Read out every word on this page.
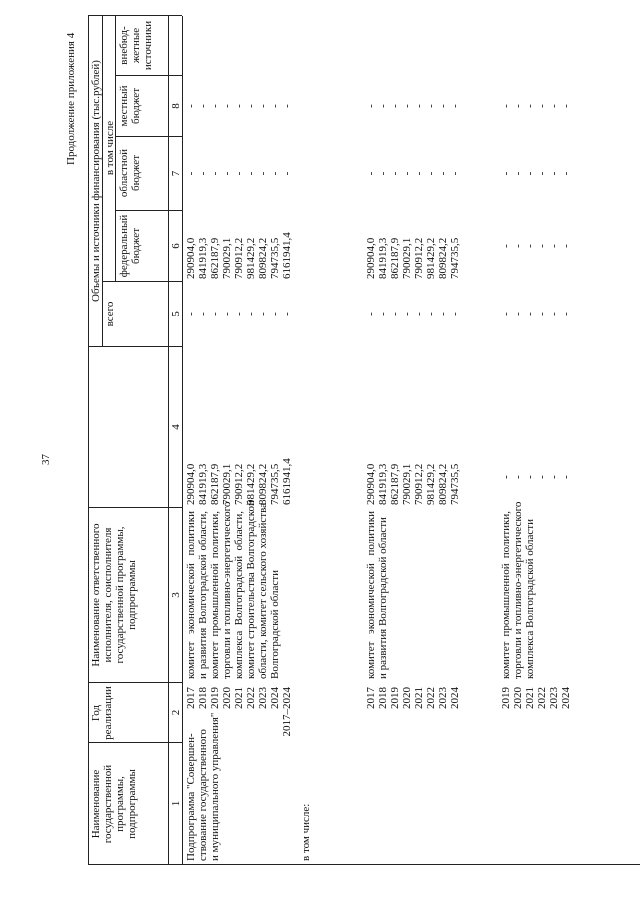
37
Продолжение приложения 4
Наименование государственной программы, подпрограммы
Год реализации
Наименование ответственного исполнителя, соисполнителя государственной программы, подпрограммы
Объемы и источники финансирования (тыс.рублей)
всего
в том числе
федеральный бюджет
областной бюджет
местный бюджет
внебюд-жетные источники
1
2
3
4
5
6
7
8
Подпрограмма "Совершен- ствование государственного и муниципального управления"
2017 2018 2019 2020 2021 2022 2023 2024 2017–2024
комитет экономической политики и развития Волгоградской области, комитет промышленной политики, торговли и топливно-энергетического комплекса Волгоградской области, комитет строительства Волгоградской области, комитет сельского хозяйства Волгоградской области
290904,0 841919,3 862187,9 790029,1 790912,2 981429,2 809824,2 794735,5 6161941,4
- - - - - - - - -
290904,0 841919,3 862187,9 790029,1 790912,2 981429,2 809824,2 794735,5 6161941,4
- - - - - - - - -
- - - - - - - - -
в том числе:
2017 2018 2019 2020 2021 2022 2023 2024
комитет экономической политики и развития Волгоградской области
290904,0 841919,3 862187,9 790029,1 790912,2 981429,2 809824,2 794735,5
- - - - - - - -
290904,0 841919,3 862187,9 790029,1 790912,2 981429,2 809824,2 794735,5
- - - - - - - -
- - - - - - - -
2019 2020 2021 2022 2023 2024
комитет промышленной политики, торговли и топливно-энергетического комплекса Волгоградской области
- - - - - -
- - - - - -
- - - - - -
- - - - - -
- - - - - -
